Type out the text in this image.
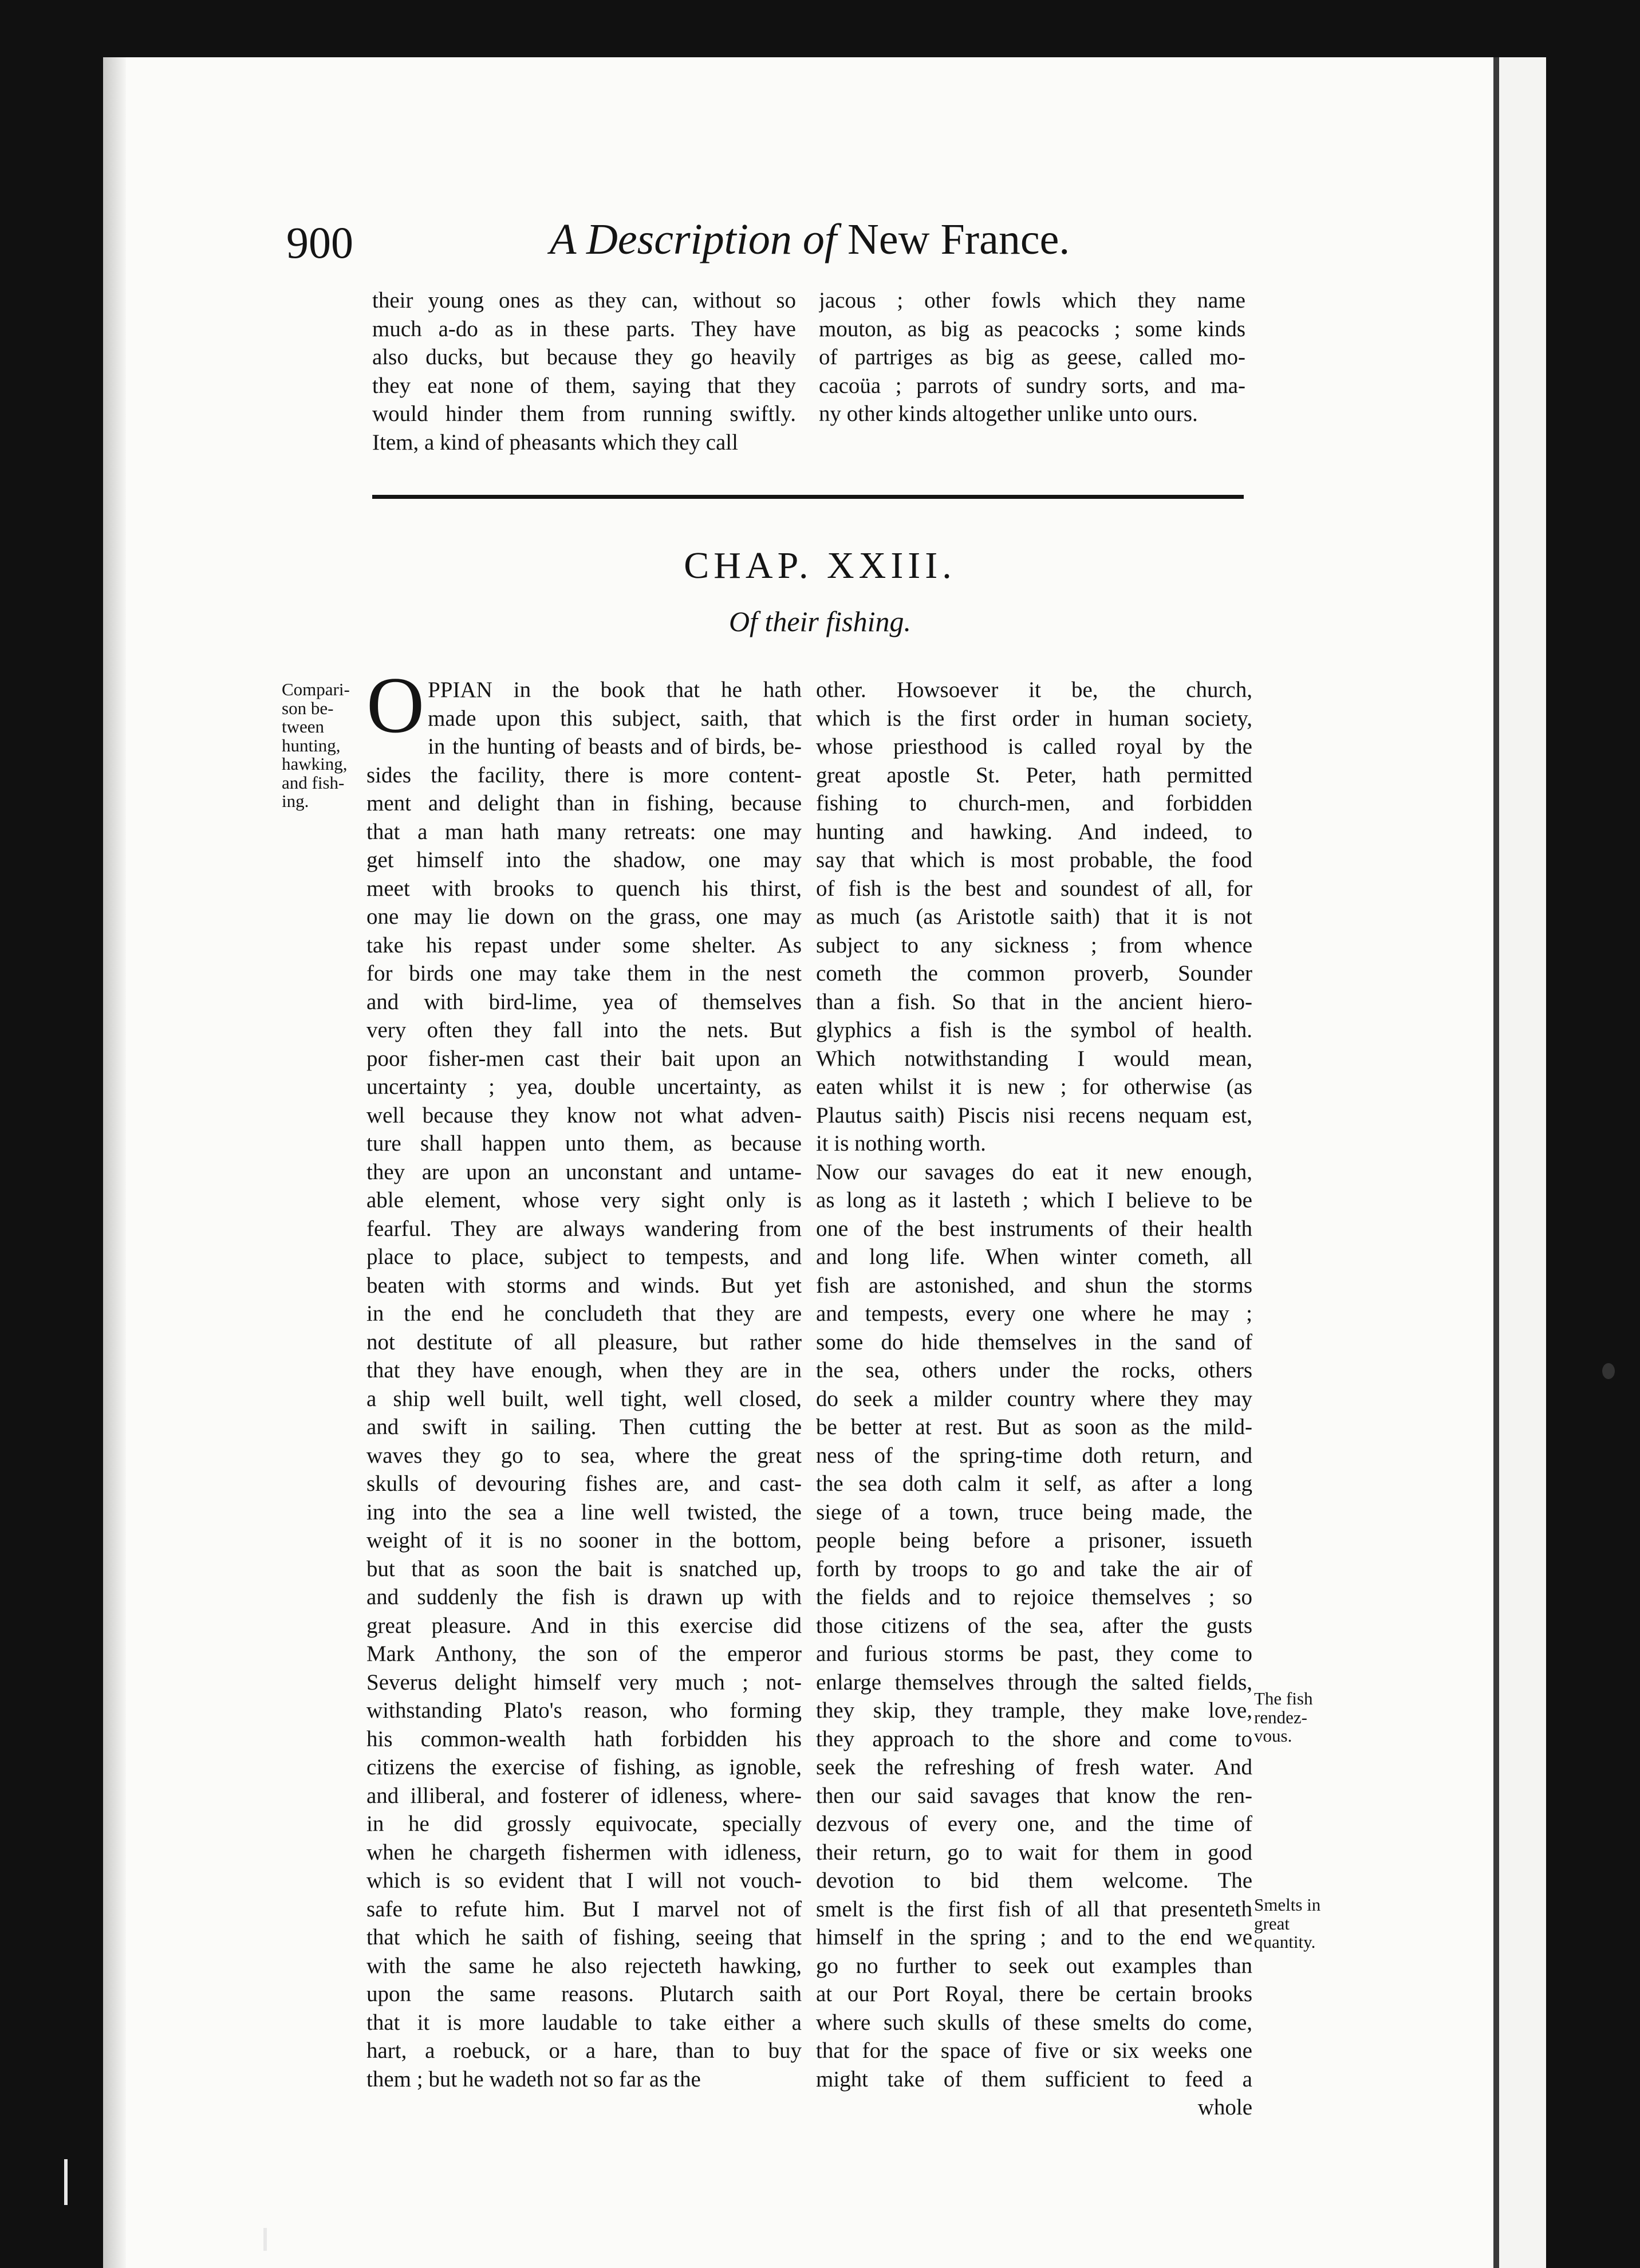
900	A Description of New France.
their young ones as they can, without so
much a-do as in these parts. They have
also ducks, but because they go heavily
they eat none of them, saying that they
would hinder them from running swiftly.
Item, a kind of pheasants which they call
jacous ; other fowls which they name
mouton, as big as peacocks ; some kinds
of partriges as big as geese, called mo-
cacoüa ; parrots of sundry sorts, and ma-
ny other kinds altogether unlike unto ours.
CHAP. XXIII.
Of their fishing.
Compari-
son be-
tween
hunting,
hawking,
and fish-
ing.
The fish
rendez-
vous.
Smelts in
great
quantity.
O PPIAN in the book that he hath
made upon this subject, saith, that
in the hunting of beasts and of birds, be-
sides the facility, there is more content-
ment and delight than in fishing, because
that a man hath many retreats: one may
get himself into the shadow, one may
meet with brooks to quench his thirst,
one may lie down on the grass, one may
take his repast under some shelter. As
for birds one may take them in the nest
and with bird-lime, yea of themselves
very often they fall into the nets. But
poor fisher-men cast their bait upon an
uncertainty ; yea, double uncertainty, as
well because they know not what adven-
ture shall happen unto them, as because
they are upon an unconstant and untame-
able element, whose very sight only is
fearful. They are always wandering from
place to place, subject to tempests, and
beaten with storms and winds. But yet
in the end he concludeth that they are
not destitute of all pleasure, but rather
that they have enough, when they are in
a ship well built, well tight, well closed,
and swift in sailing. Then cutting the
waves they go to sea, where the great
skulls of devouring fishes are, and cast-
ing into the sea a line well twisted, the
weight of it is no sooner in the bottom,
but that as soon the bait is snatched up,
and suddenly the fish is drawn up with
great pleasure. And in this exercise did
Mark Anthony, the son of the emperor
Severus delight himself very much ; not-
withstanding Plato's reason, who forming
his common-wealth hath forbidden his
citizens the exercise of fishing, as ignoble,
and illiberal, and fosterer of idleness, where-
in he did grossly equivocate, specially
when he chargeth fishermen with idleness,
which is so evident that I will not vouch-
safe to refute him. But I marvel not of
that which he saith of fishing, seeing that
with the same he also rejecteth hawking,
upon the same reasons. Plutarch saith
that it is more laudable to take either a
hart, a roebuck, or a hare, than to buy
them ; but he wadeth not so far as the
other. Howsoever it be, the church,
which is the first order in human society,
whose priesthood is called royal by the
great apostle St. Peter, hath permitted
fishing to church-men, and forbidden
hunting and hawking. And indeed, to
say that which is most probable, the food
of fish is the best and soundest of all, for
as much (as Aristotle saith) that it is not
subject to any sickness ; from whence
cometh the common proverb, Sounder
than a fish. So that in the ancient hiero-
glyphics a fish is the symbol of health.
Which notwithstanding I would mean,
eaten whilst it is new ; for otherwise (as
Plautus saith) Piscis nisi recens nequam est,
it is nothing worth.
Now our savages do eat it new enough,
as long as it lasteth ; which I believe to be
one of the best instruments of their health
and long life. When winter cometh, all
fish are astonished, and shun the storms
and tempests, every one where he may ;
some do hide themselves in the sand of
the sea, others under the rocks, others
do seek a milder country where they may
be better at rest. But as soon as the mild-
ness of the spring-time doth return, and
the sea doth calm it self, as after a long
siege of a town, truce being made, the
people being before a prisoner, issueth
forth by troops to go and take the air of
the fields and to rejoice themselves ; so
those citizens of the sea, after the gusts
and furious storms be past, they come to
enlarge themselves through the salted fields,
they skip, they trample, they make love,
they approach to the shore and come to
seek the refreshing of fresh water. And
then our said savages that know the ren-
dezvous of every one, and the time of
their return, go to wait for them in good
devotion to bid them welcome. The
smelt is the first fish of all that presenteth
himself in the spring ; and to the end we
go no further to seek out examples than
at our Port Royal, there be certain brooks
where such skulls of these smelts do come,
that for the space of five or six weeks one
might take of them sufficient to feed a
whole
